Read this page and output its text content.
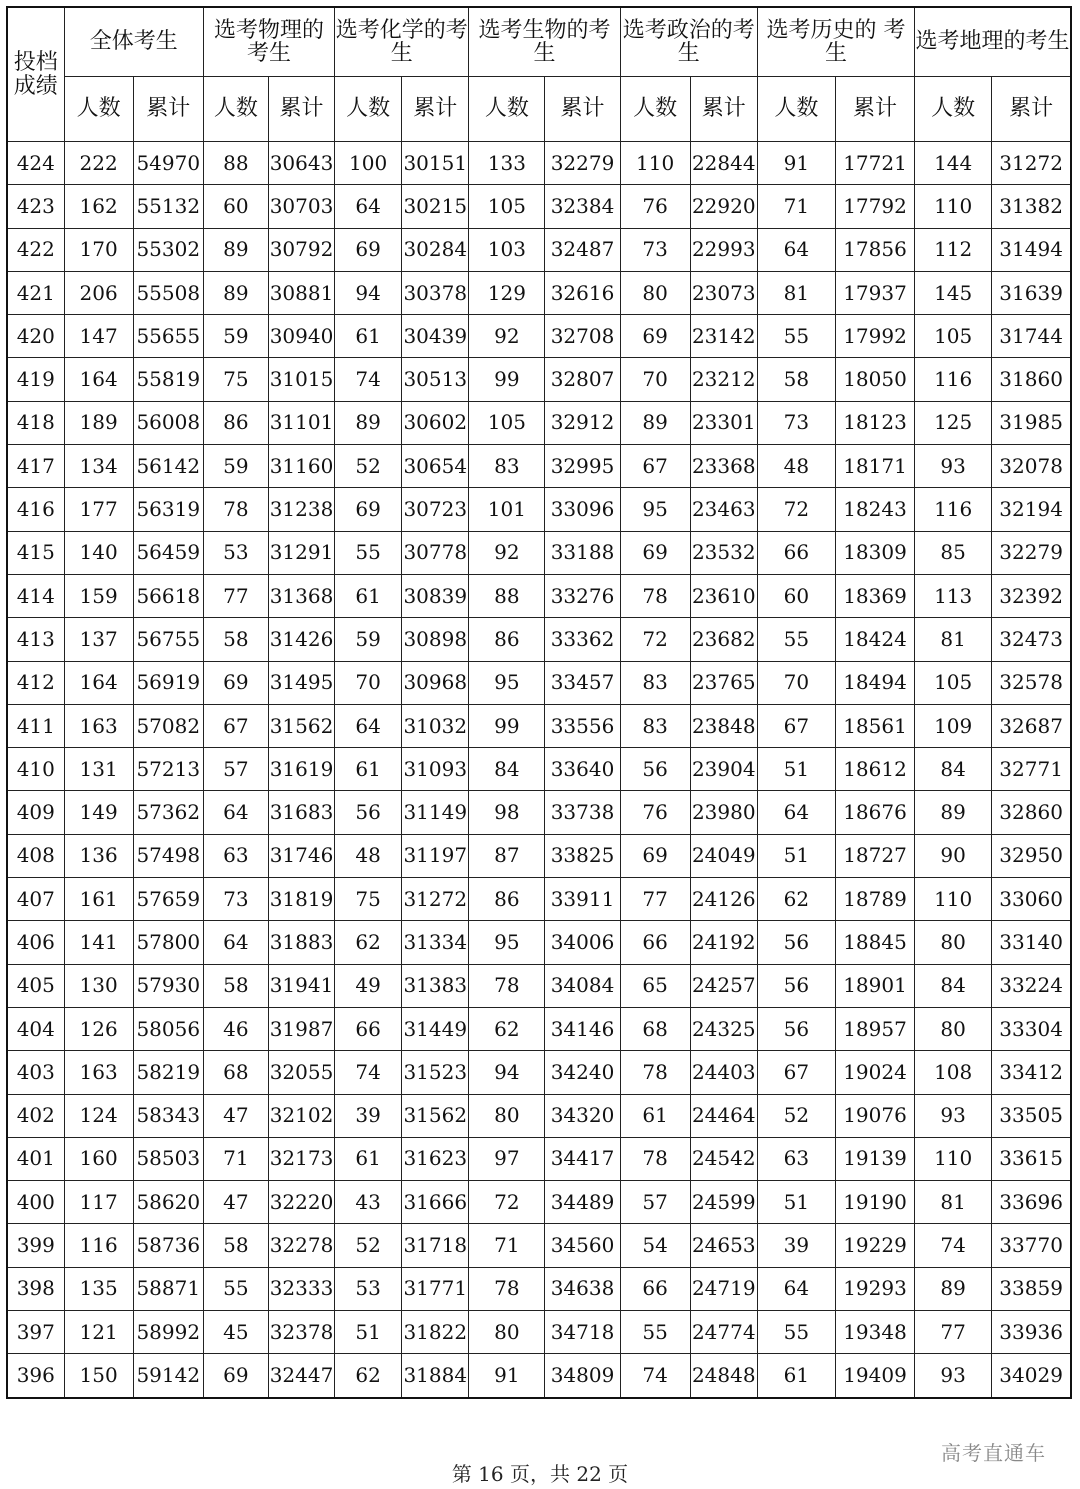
投档成绩	全体考生		选考物理的考生		选考化学的考生		选考生物的考生		选考政治的考生		选考历史的 考生		选考地理的考生	
	人数	累计	人数	累计	人数	累计	人数	累计	人数	累计	人数	累计	人数	累计
424	222	54970	88	30643	100	30151	133	32279	110	22844	91	17721	144	31272
423	162	55132	60	30703	64	30215	105	32384	76	22920	71	17792	110	31382
422	170	55302	89	30792	69	30284	103	32487	73	22993	64	17856	112	31494
421	206	55508	89	30881	94	30378	129	32616	80	23073	81	17937	145	31639
420	147	55655	59	30940	61	30439	92	32708	69	23142	55	17992	105	31744
419	164	55819	75	31015	74	30513	99	32807	70	23212	58	18050	116	31860
418	189	56008	86	31101	89	30602	105	32912	89	23301	73	18123	125	31985
417	134	56142	59	31160	52	30654	83	32995	67	23368	48	18171	93	32078
416	177	56319	78	31238	69	30723	101	33096	95	23463	72	18243	116	32194
415	140	56459	53	31291	55	30778	92	33188	69	23532	66	18309	85	32279
414	159	56618	77	31368	61	30839	88	33276	78	23610	60	18369	113	32392
413	137	56755	58	31426	59	30898	86	33362	72	23682	55	18424	81	32473
412	164	56919	69	31495	70	30968	95	33457	83	23765	70	18494	105	32578
411	163	57082	67	31562	64	31032	99	33556	83	23848	67	18561	109	32687
410	131	57213	57	31619	61	31093	84	33640	56	23904	51	18612	84	32771
409	149	57362	64	31683	56	31149	98	33738	76	23980	64	18676	89	32860
408	136	57498	63	31746	48	31197	87	33825	69	24049	51	18727	90	32950
407	161	57659	73	31819	75	31272	86	33911	77	24126	62	18789	110	33060
406	141	57800	64	31883	62	31334	95	34006	66	24192	56	18845	80	33140
405	130	57930	58	31941	49	31383	78	34084	65	24257	56	18901	84	33224
404	126	58056	46	31987	66	31449	62	34146	68	24325	56	18957	80	33304
403	163	58219	68	32055	74	31523	94	34240	78	24403	67	19024	108	33412
402	124	58343	47	32102	39	31562	80	34320	61	24464	52	19076	93	33505
401	160	58503	71	32173	61	31623	97	34417	78	24542	63	19139	110	33615
400	117	58620	47	32220	43	31666	72	34489	57	24599	51	19190	81	33696
399	116	58736	58	32278	52	31718	71	34560	54	24653	39	19229	74	33770
398	135	58871	55	32333	53	31771	78	34638	66	24719	64	19293	89	33859
397	121	58992	45	32378	51	31822	80	34718	55	24774	55	19348	77	33936
396	150	59142	69	32447	62	31884	91	34809	74	24848	61	19409	93	34029
第 16 页，共 22 页
高考直通车
